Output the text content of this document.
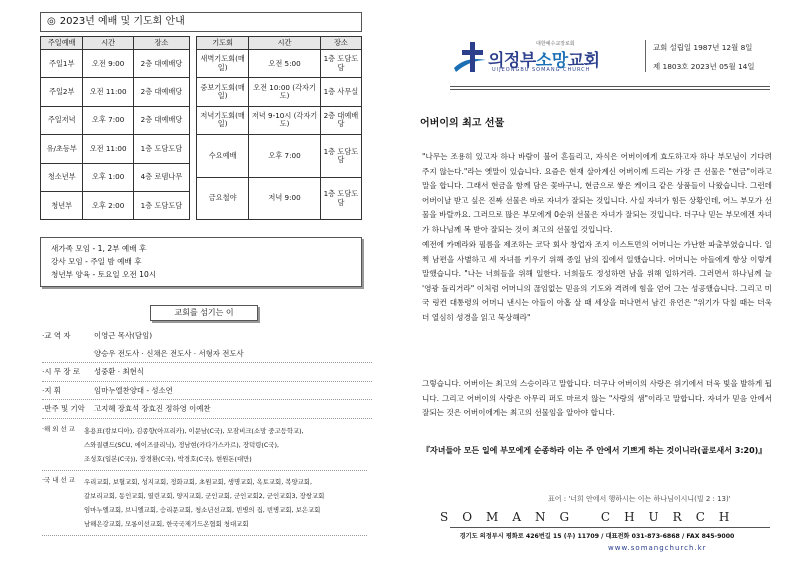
◎ 2023년 예배 및 기도회 안내
주일예배	시간	장소
주일1부	오전 9:00	2층 대예배당
주일2부	오전 11:00	2층 대예배당
주일저녁	오후 7:00	2층 대예배당
유/초등부	오전 11:00	1층 도담도담
청소년부	오후 1:00	4층 로뎀나무
청년부	오후 2:00	1층 도담도담
기도회	시간	장소
새벽기도회(매일)	오전 5:00	1층 도담도담
중보기도회(매일)	오전 10:00 (각자기도)	1층 사무실
저녁기도회(매일)	저녁 9-10시 (각자기도)	2층 대예배당
수요예배	오후 7:00	1층 도담도담
금요철야	저녁 9:00	1층 도담도담
새가족 모임 - 1, 2부 예배 후
강사 모임 - 주일 밤 예배 후
청년부 양육 - 토요일 오전 10시
교회를 섬기는 이
·교 역 자	이영근 목사(담임)
양승우 전도사 · 신채은 전도사 · 서형자 전도사
·시 무 장 로	성중환 · 최현식
·지 휘	임마누엘찬양대 - 성소연
·반주 및 기악	고지혜 장효석 장효진 정하영 이예찬
·해 외 선 교	홍용표(캄보디아), 김종향(아프리카), 이문남(C국), 모잠비크(소망 중고등학교),
스와질랜드(SCU, 에이즈클리닉), 정남현(카다가스카르), 장덕령(C국),
조성호(일본(C국)), 장경환(C국), 박경호(C국), 현원돈(대만)
·국 내 선 교	우리교회, 보혈교회, 성지교회, 정화교회, 초원교회, 생명교회, 옥토교회, 복양교회,
갈보리교회, 동인교회, 열린교회, 양지교회, 군인교회, 군인교회2, 군인교회3, 장쌍교회
임마누엘교회, 브니엘교회, 승리문교회, 청소년선교회, 빈병의 집, 빈병교회, 보은교회
남해은강교회, 모롱이선교회, 한국국제기드온협회 청대교회
대한예수교장로회
의정부소망교회
UIJEONGBU SOMANG CHURCH
교회 설립일 1987년 12월 8일
제 1803호 2023년 05월 14일
어버이의 최고 선물
"나무는 조용히 있고자 하나 바람이 불어 흔들리고, 자식은 어버이에게 효도하고자 하나 부모님이 기다려주지 않는다."라는 옛말이 있습니다. 요즘은 현재 살아계신 어버이께 드리는 가장 큰 선물은 "현금"이라고 말을 합니다. 그래서 현금을 함께 담은 꽃바구니, 현금으로 쌓은 케이크 같은 상품들이 나왔습니다. 그런데 어버이날 받고 싶은 진짜 선물은 바로 자녀가 잘되는 것입니다. 사실 자녀가 힘든 상황인데, 어느 부모가 선물을 바랄까요. 그러므로 많은 부모에게 0순위 선물은 자녀가 잘되는 것입니다. 더구나 믿는 부모에겐 자녀가 하나님께 복 받아 잘되는 것이 최고의 선물일 것입니다.
예전에 카메라와 필름을 제조하는 코닥 회사 창업자 조지 이스트먼의 어머니는 가난한 파출부였습니다. 일찍 남편을 사별하고 세 자녀를 키우기 위해 종일 남의 집에서 일했습니다. 어머니는 아들에게 항상 이렇게 말했습니다. "나는 너희들을 위해 일한다. 너희들도 정성하면 남을 위해 일하거라. 그러면서 하나님께 늘 '영광 돌리거라" 이처럼 어머니의 끊임없는 믿음의 기도와 격려에 힘을 얻어 그는 성공했습니다. 그리고 미국 링컨 대통령의 어머니 낸시는 아들이 아홉 살 때 세상을 떠나면서 남긴 유언은 "위기가 닥칠 때는 더욱더 열심히 성경을 읽고 묵상해라"
그렇습니다. 어버이는 최고의 스승이라고 말합니다. 더구나 어버이의 사랑은 위기에서 더욱 빛을 발하게 됩니다. 그리고 어버이의 사랑은 아무리 퍼도 마르지 않는 "사랑의 샘"이라고 말합니다. 자녀가 믿음 안에서 잘되는 것은 어버이에게는 최고의 선물임을 알아야 합니다.
『자녀들아 모든 일에 부모에게 순종하라 이는 주 안에서 기쁘게 하는 것이니라(골로새서 3:20)』
표어 : '너희 안에서 행하시는 이는 하나님이시니(빌 2 : 13)'
SOMANG CHURCH
경기도 의정부시 평화로 426번길 15 (우) 11709 / 대표전화 031-873-6868 / FAX 845-9000
www.somangchurch.kr
